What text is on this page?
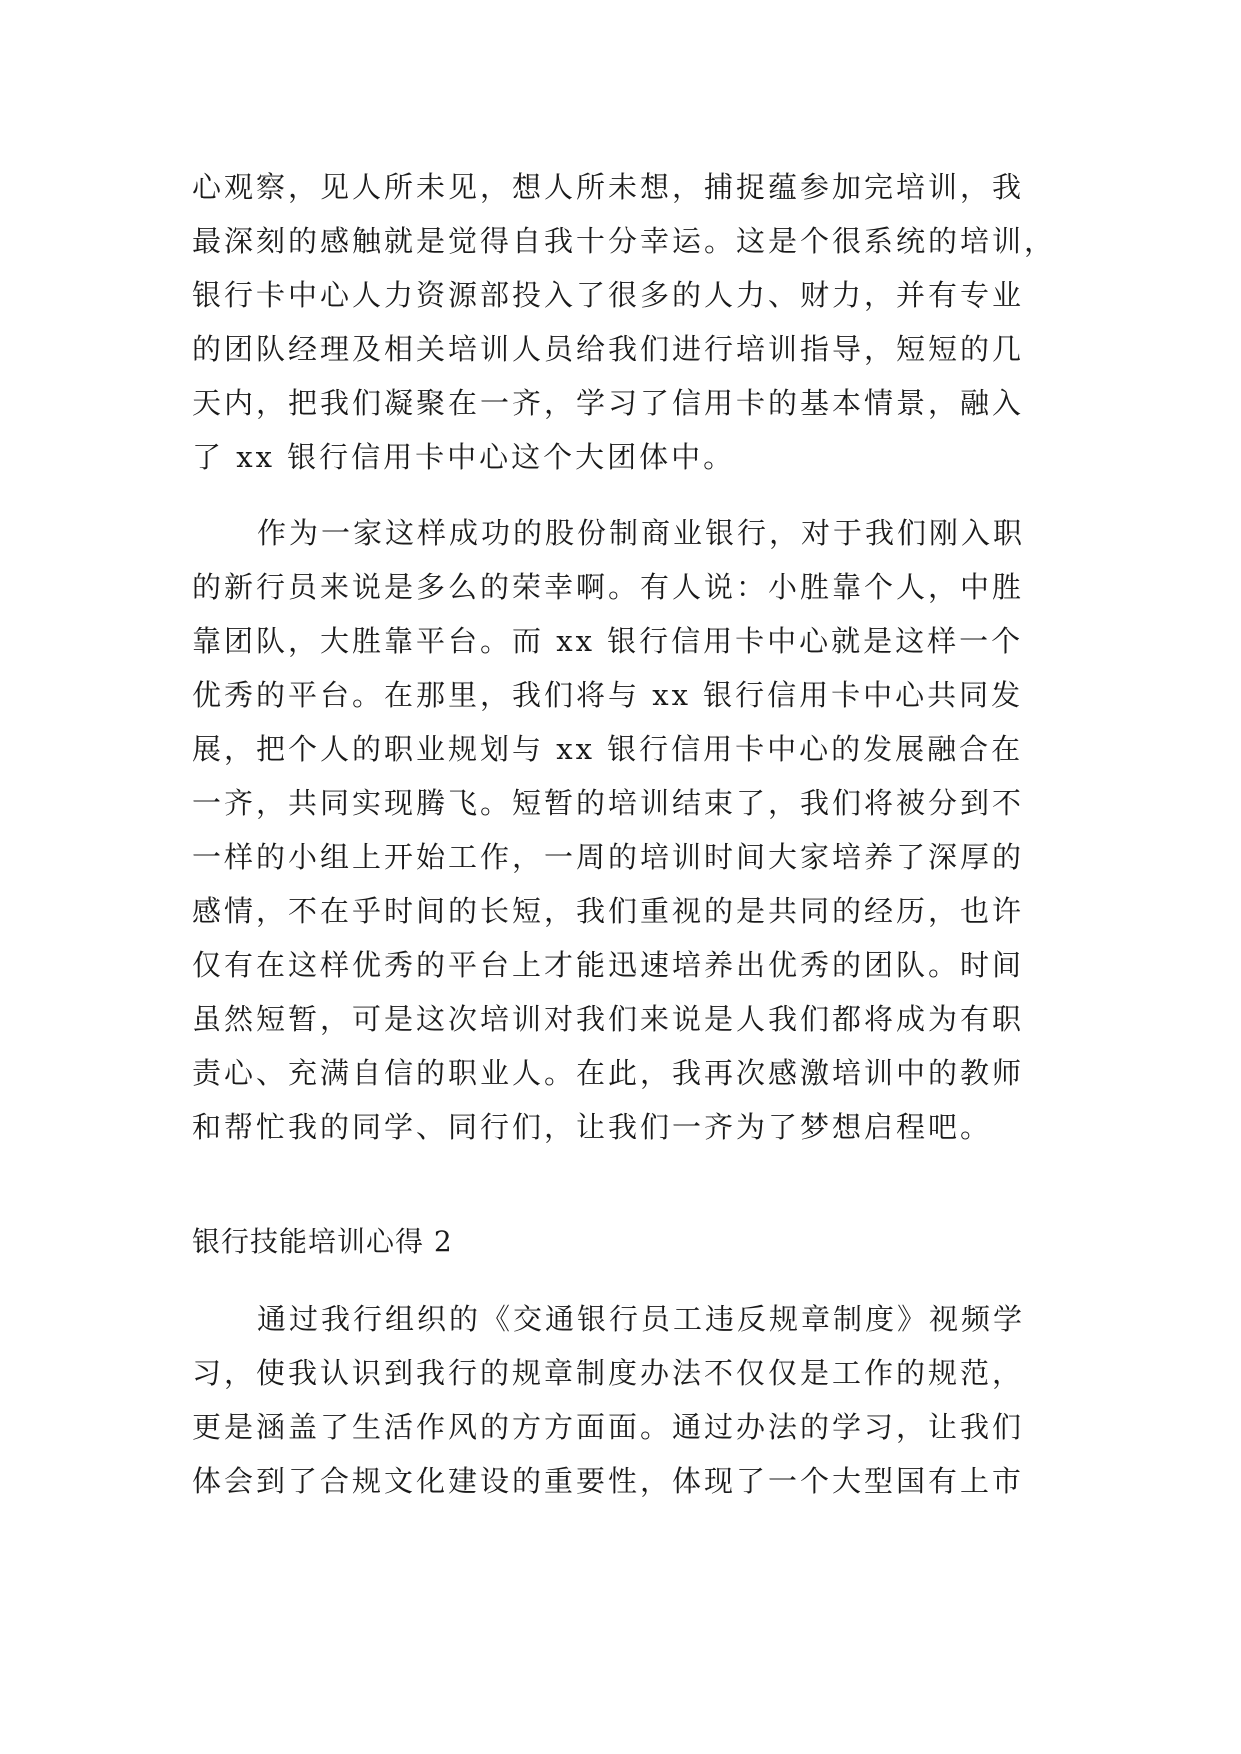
心观察，见人所未见，想人所未想，捕捉蕴参加完培训，我
最深刻的感触就是觉得自我十分幸运。这是个很系统的培训，
银行卡中心人力资源部投入了很多的人力、财力，并有专业
的团队经理及相关培训人员给我们进行培训指导，短短的几
天内，把我们凝聚在一齐，学习了信用卡的基本情景，融入
了 xx 银行信用卡中心这个大团体中。
作为一家这样成功的股份制商业银行，对于我们刚入职
的新行员来说是多么的荣幸啊。有人说：小胜靠个人，中胜
靠团队，大胜靠平台。而 xx 银行信用卡中心就是这样一个
优秀的平台。在那里，我们将与 xx 银行信用卡中心共同发
展，把个人的职业规划与 xx 银行信用卡中心的发展融合在
一齐，共同实现腾飞。短暂的培训结束了，我们将被分到不
一样的小组上开始工作，一周的培训时间大家培养了深厚的
感情，不在乎时间的长短，我们重视的是共同的经历，也许
仅有在这样优秀的平台上才能迅速培养出优秀的团队。时间
虽然短暂，可是这次培训对我们来说是人我们都将成为有职
责心、充满自信的职业人。在此，我再次感激培训中的教师
和帮忙我的同学、同行们，让我们一齐为了梦想启程吧。
银行技能培训心得 2
通过我行组织的《交通银行员工违反规章制度》视频学
习，使我认识到我行的规章制度办法不仅仅是工作的规范，
更是涵盖了生活作风的方方面面。通过办法的学习，让我们
体会到了合规文化建设的重要性，体现了一个大型国有上市
